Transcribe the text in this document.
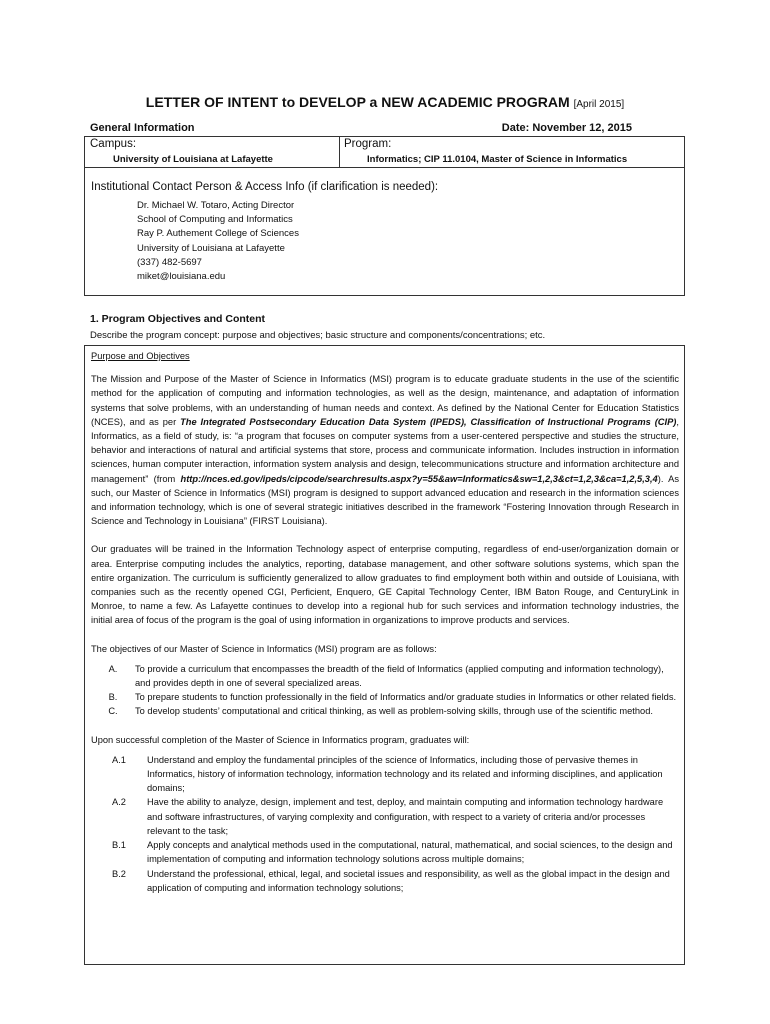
LETTER OF INTENT to DEVELOP a NEW ACADEMIC PROGRAM [April 2015]
General Information	Date: November 12, 2015
Campus:
University of Louisiana at Lafayette
Program:
Informatics; CIP 11.0104, Master of Science in Informatics
Institutional Contact Person & Access Info (if clarification is needed):
Dr. Michael W. Totaro, Acting Director
School of Computing and Informatics
Ray P. Authement College of Sciences
University of Louisiana at Lafayette
(337) 482-5697
miket@louisiana.edu
1. Program Objectives and Content
Describe the program concept: purpose and objectives; basic structure and components/concentrations; etc.

Purpose and Objectives

The Mission and Purpose of the Master of Science in Informatics (MSI) program is to educate graduate students in the use of the scientific method for the application of computing and information technologies, as well as the design, maintenance, and adaptation of information systems that solve problems, with an understanding of human needs and context. As defined by the National Center for Education Statistics (NCES), and as per The Integrated Postsecondary Education Data System (IPEDS), Classification of Instructional Programs (CIP), Informatics, as a field of study, is: “a program that focuses on computer systems from a user-centered perspective and studies the structure, behavior and interactions of natural and artificial systems that store, process and communicate information. Includes instruction in information sciences, human computer interaction, information system analysis and design, telecommunications structure and information architecture and management” (from http://nces.ed.gov/ipeds/cipcode/searchresults.aspx?y=55&aw=Informatics&sw=1,2,3&ct=1,2,3&ca=1,2,5,3,4). As such, our Master of Science in Informatics (MSI) program is designed to support advanced education and research in the information sciences and information technology, which is one of several strategic initiatives described in the framework “Fostering Innovation through Research in Science and Technology in Louisiana” (FIRST Louisiana).

Our graduates will be trained in the Information Technology aspect of enterprise computing, regardless of end-user/organization domain or area. Enterprise computing includes the analytics, reporting, database management, and other software solutions systems, which span the entire organization. The curriculum is sufficiently generalized to allow graduates to find employment both within and outside of Louisiana, with companies such as the recently opened CGI, Perficient, Enquero, GE Capital Technology Center, IBM Baton Rouge, and CenturyLink in Monroe, to name a few. As Lafayette continues to develop into a regional hub for such services and information technology industries, the initial area of focus of the program is the goal of using information in organizations to improve products and services.

The objectives of our Master of Science in Informatics (MSI) program are as follows:

A.	To provide a curriculum that encompasses the breadth of the field of Informatics (applied computing and information technology), and provides depth in one of several specialized areas.
B.	To prepare students to function professionally in the field of Informatics and/or graduate studies in Informatics or other related fields.
C.	To develop students’ computational and critical thinking, as well as problem-solving skills, through use of the scientific method.

Upon successful completion of the Master of Science in Informatics program, graduates will:

A.1	Understand and employ the fundamental principles of the science of Informatics, including those of pervasive themes in Informatics, history of information technology, information technology and its related and informing disciplines, and application domains;
A.2	Have the ability to analyze, design, implement and test, deploy, and maintain computing and information technology hardware and software infrastructures, of varying complexity and configuration, with respect to a variety of criteria and/or processes relevant to the task;
B.1	Apply concepts and analytical methods used in the computational, natural, mathematical, and social sciences, to the design and implementation of computing and information technology solutions across multiple domains;
B.2	Understand the professional, ethical, legal, and societal issues and responsibility, as well as the global impact in the design and application of computing and information technology solutions;
